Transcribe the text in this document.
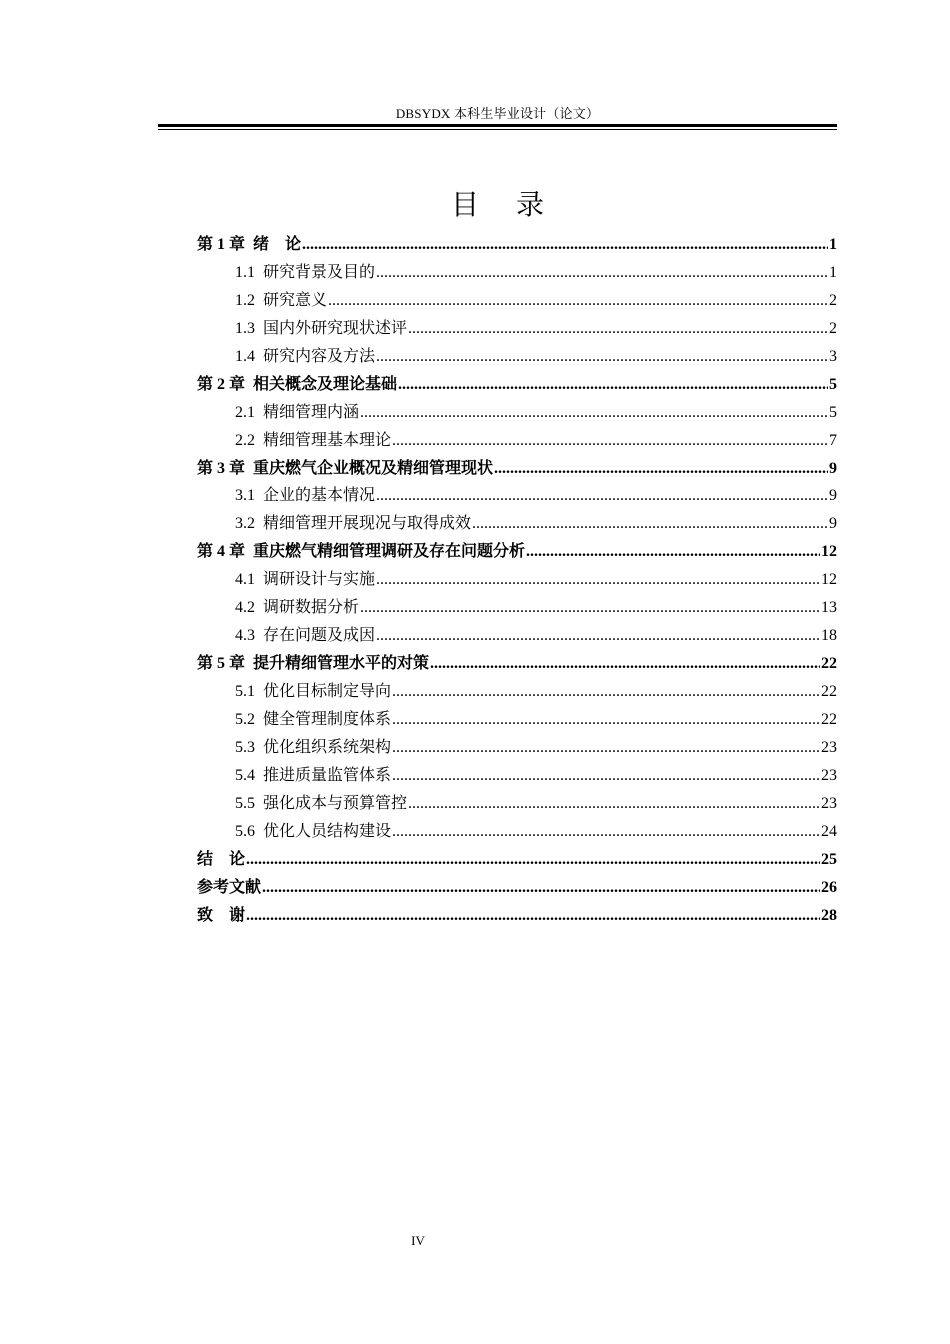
DBSYDX 本科生毕业设计（论文）
目 录
第 1 章 绪　论 .....	1
1.1 研究背景及目的 .....	1
1.2 研究意义 .....	2
1.3 国内外研究现状述评 .....	2
1.4 研究内容及方法 .....	3
第 2 章 相关概念及理论基础 .....	5
2.1 精细管理内涵 .....	5
2.2 精细管理基本理论 .....	7
第 3 章 重庆燃气企业概况及精细管理现状 .....	9
3.1 企业的基本情况 .....	9
3.2 精细管理开展现况与取得成效 .....	9
第 4 章 重庆燃气精细管理调研及存在问题分析 .....	12
4.1 调研设计与实施 .....	12
4.2 调研数据分析 .....	13
4.3 存在问题及成因 .....	18
第 5 章 提升精细管理水平的对策 .....	22
5.1 优化目标制定导向 .....	22
5.2 健全管理制度体系 .....	22
5.3 优化组织系统架构 .....	23
5.4 推进质量监管体系 .....	23
5.5 强化成本与预算管控 .....	23
5.6 优化人员结构建设 .....	24
结　论 .....	25
参考文献 .....	26
致　谢 .....	28
IV
